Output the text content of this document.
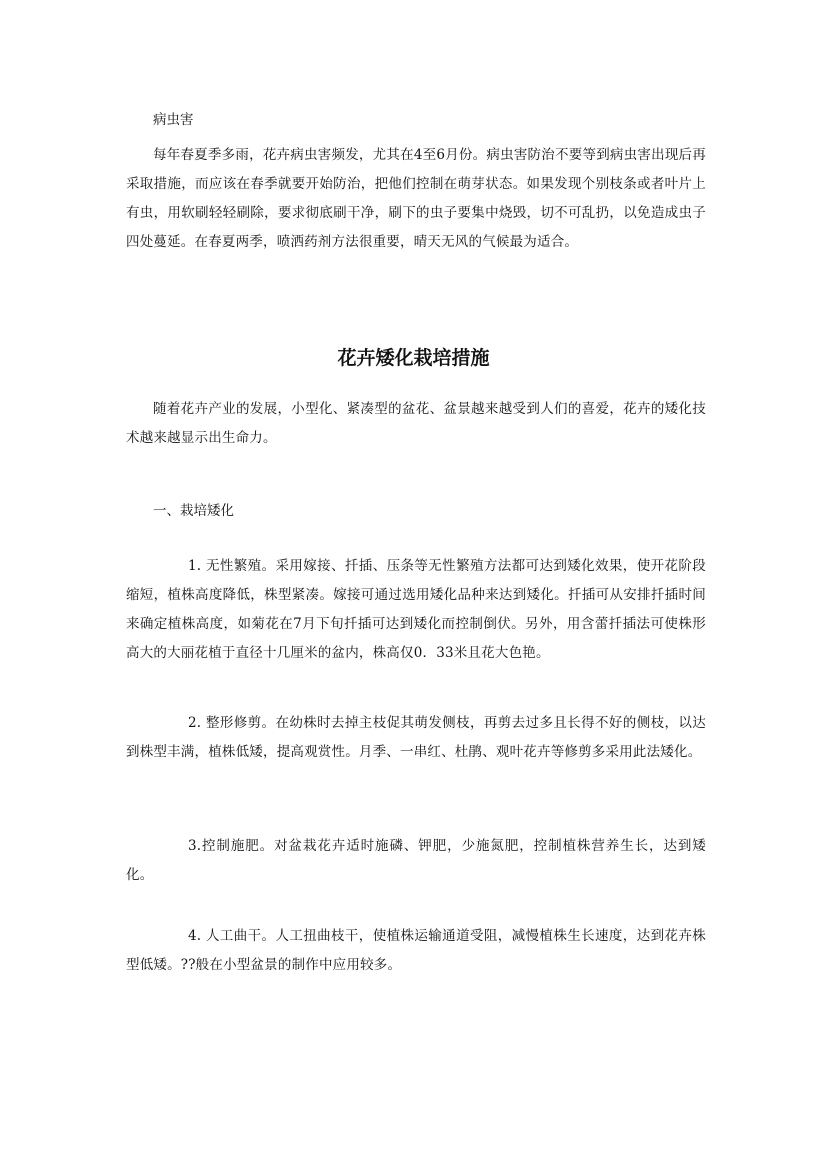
病虫害

每年春夏季多雨，花卉病虫害频发，尤其在4至6月份。病虫害防治不要等到病虫害出现后再采取措施，而应该在春季就要开始防治，把他们控制在萌芽状态。如果发现个别枝条或者叶片上有虫，用软刷轻轻刷除，要求彻底刷干净，刷下的虫子要集中烧毁，切不可乱扔，以免造成虫子四处蔓延。在春夏两季，喷洒药剂方法很重要，晴天无风的气候最为适合。

花卉矮化栽培措施

随着花卉产业的发展，小型化、紧凑型的盆花、盆景越来越受到人们的喜爱，花卉的矮化技术越来越显示出生命力。

一、栽培矮化

1. 无性繁殖。采用嫁接、扦插、压条等无性繁殖方法都可达到矮化效果，使开花阶段缩短，植株高度降低，株型紧凑。嫁接可通过选用矮化品种来达到矮化。扦插可从安排扦插时间来确定植株高度，如菊花在7月下旬扦插可达到矮化而控制倒伏。另外，用含蕾扦插法可使株形高大的大丽花植于直径十几厘米的盆内，株高仅0．33米且花大色艳。

2. 整形修剪。在幼株时去掉主枝促其萌发侧枝，再剪去过多且长得不好的侧枝，以达到株型丰满，植株低矮，提高观赏性。月季、一串红、杜鹃、观叶花卉等修剪多采用此法矮化。

3.控制施肥。对盆栽花卉适时施磷、钾肥，少施氮肥，控制植株营养生长，达到矮化。

4. 人工曲干。人工扭曲枝干，使植株运输通道受阻，减慢植株生长速度，达到花卉株型低矮。??般在小型盆景的制作中应用较多。
